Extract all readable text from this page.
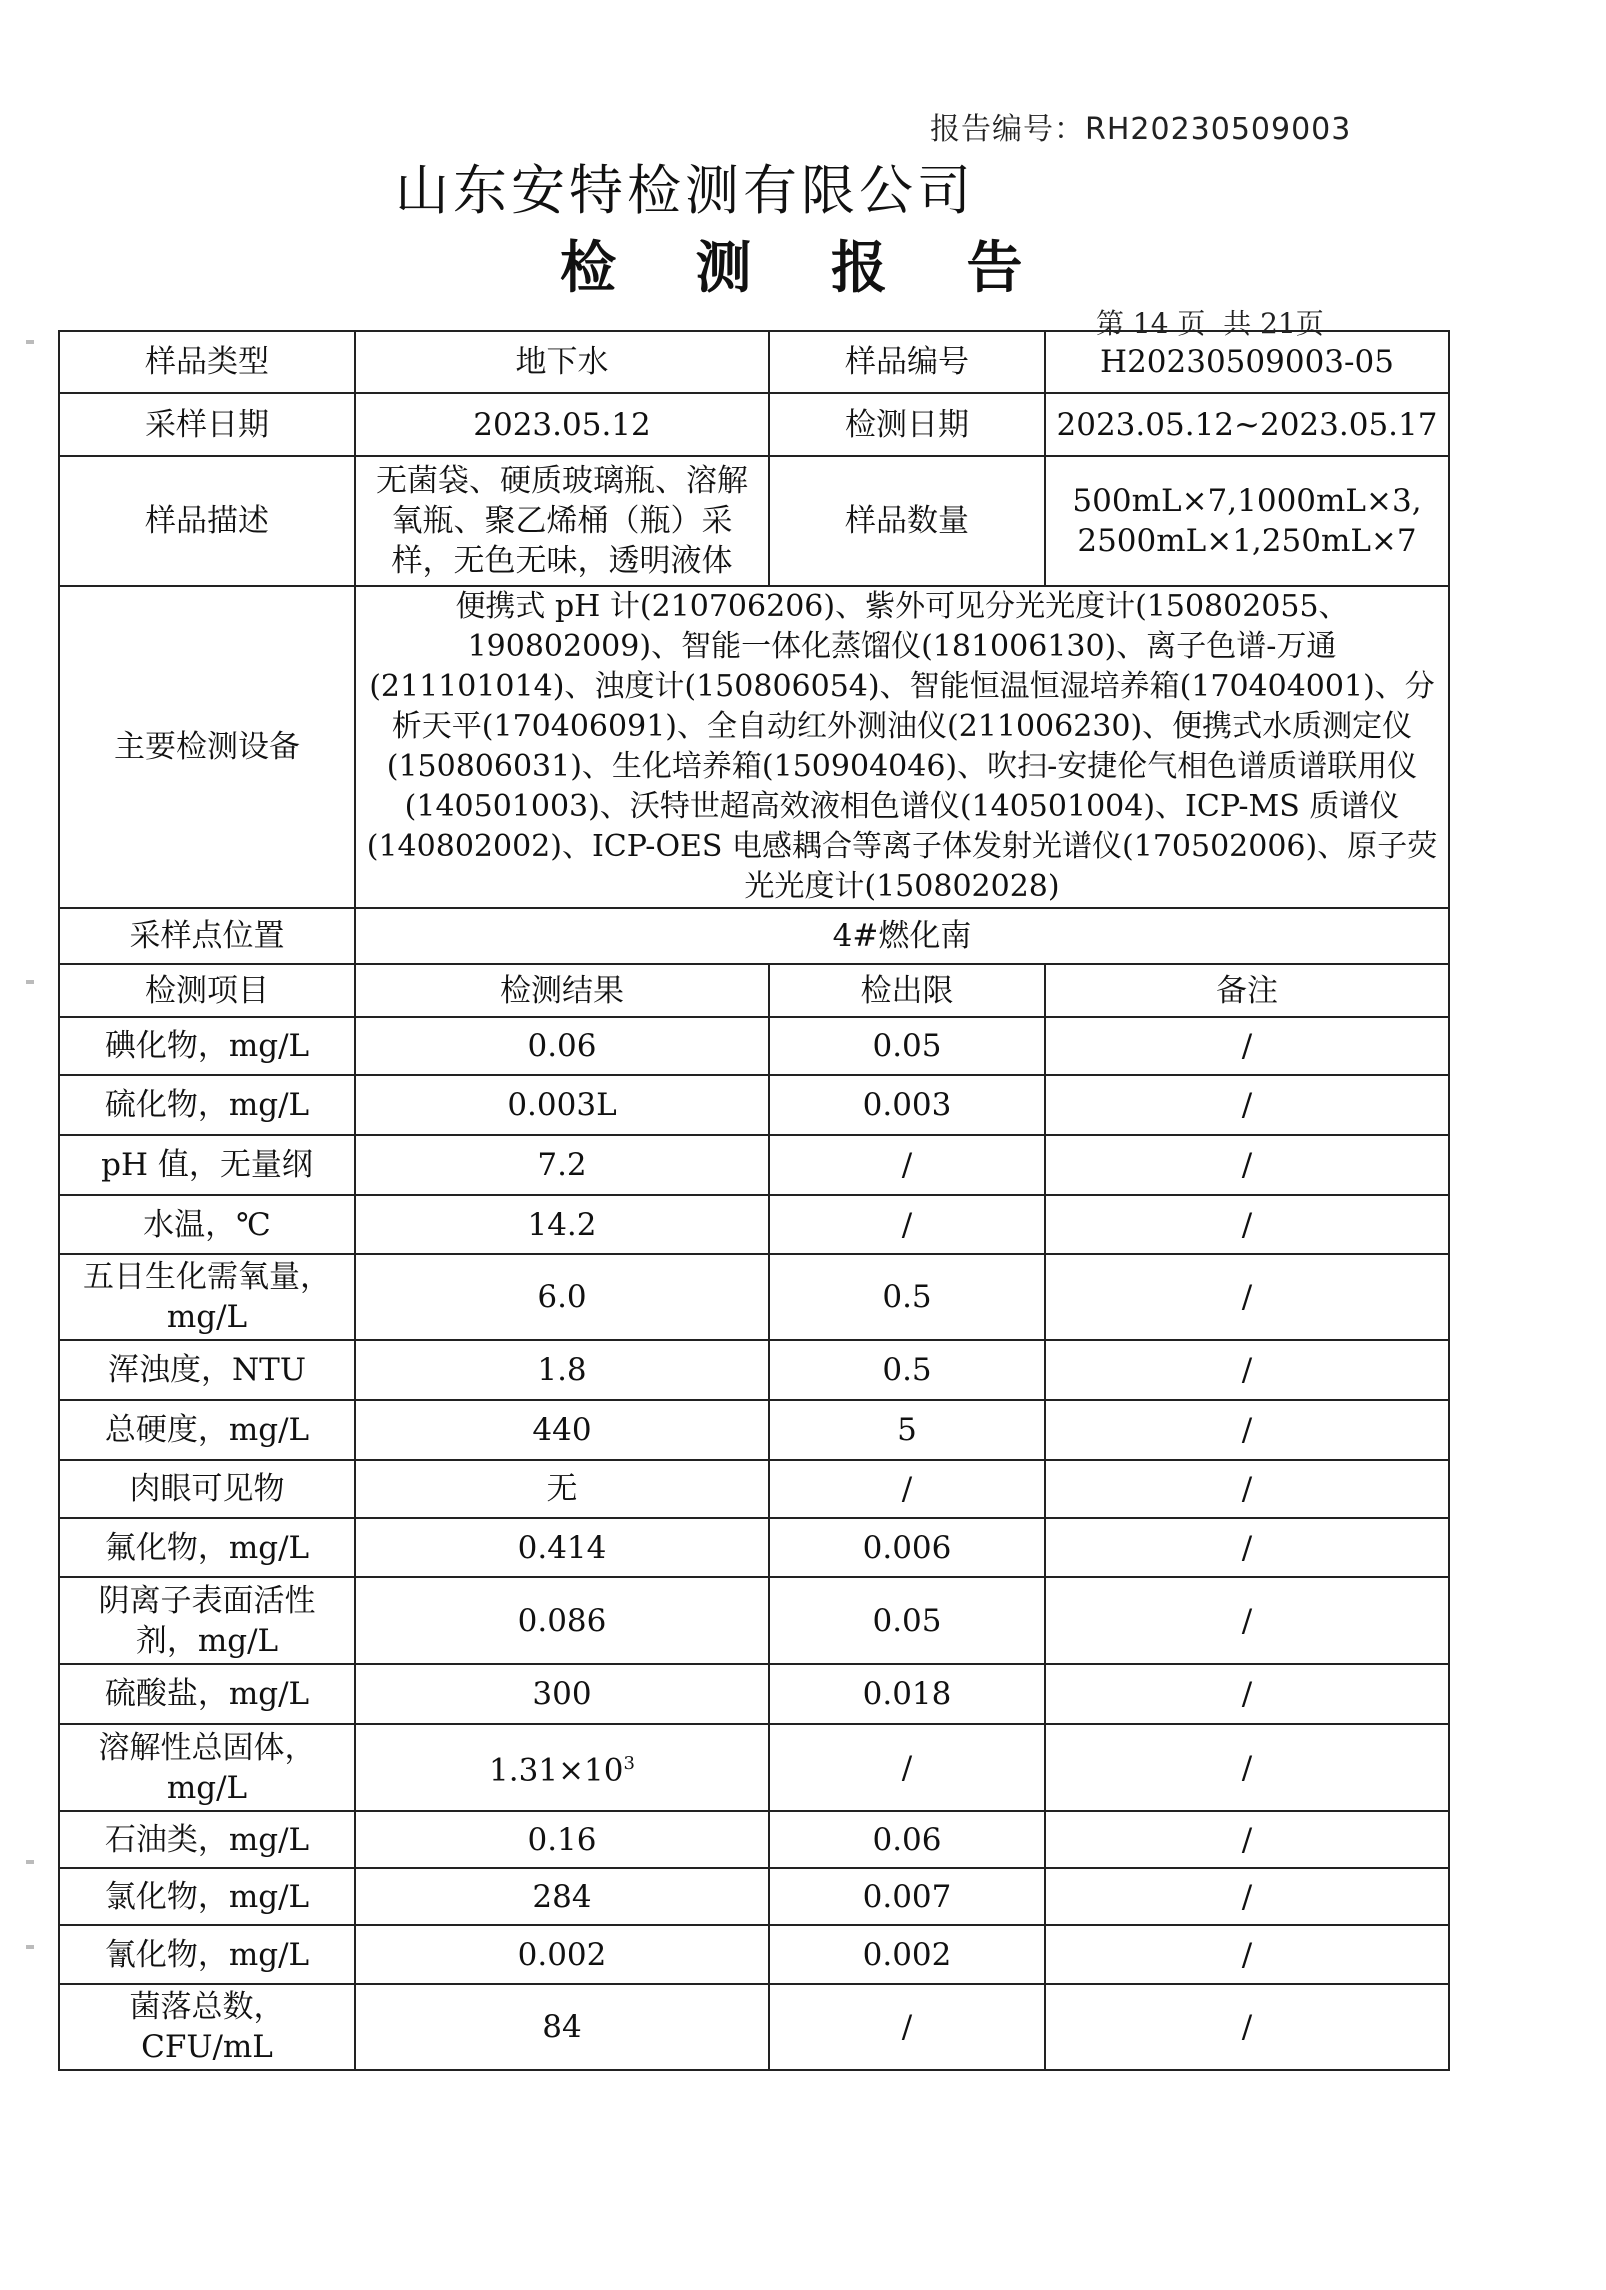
报告编号：RH20230509003
山东安特检测有限公司
检 测 报 告
第 14 页  共 21页
样品类型	地下水	样品编号	H20230509003-05
采样日期	2023.05.12	检测日期	2023.05.12~2023.05.17
样品描述	无菌袋、硬质玻璃瓶、溶解氧瓶、聚乙烯桶（瓶）采样，无色无味，透明液体	样品数量	500mL×7,1000mL×3,
2500mL×1,250mL×7

主要检测设备	便携式 pH 计(210706206)、紫外可见分光光度计(150802055、190802009)、智能一体化蒸馏仪(181006130)、离子色谱-万通(211101014)、浊度计(150806054)、智能恒温恒湿培养箱(170404001)、分析天平(170406091)、全自动红外测油仪(211006230)、便携式水质测定仪(150806031)、生化培养箱(150904046)、吹扫-安捷伦气相色谱质谱联用仪(140501003)、沃特世超高效液相色谱仪(140501004)、ICP-MS 质谱仪(140802002)、ICP-OES 电感耦合等离子体发射光谱仪(170502006)、原子荧光光度计(150802028)		
采样点位置	4#燃化南		
检测项目	检测结果	检出限	备注
碘化物，mg/L	0.06	0.05	/
硫化物，mg/L	0.003L	0.003	/
pH 值，无量纲	7.2	/	/
水温，℃	14.2	/	/

五日生化需氧量，
mg/L	6.0	0.5	/
浑浊度，NTU	1.8	0.5	/
总硬度，mg/L	440	5	/
肉眼可见物	无	/	/
氟化物，mg/L	0.414	0.006	/

阴离子表面活性
剂，mg/L	0.086	0.05	/
硫酸盐，mg/L	300	0.018	/

溶解性总固体，
mg/L	$1.31\times 10^3$	/	/
石油类，mg/L	0.16	0.06	/
氯化物，mg/L	284	0.007	/
氰化物，mg/L	0.002	0.002	/

菌落总数，
CFU/mL	84	/	/
